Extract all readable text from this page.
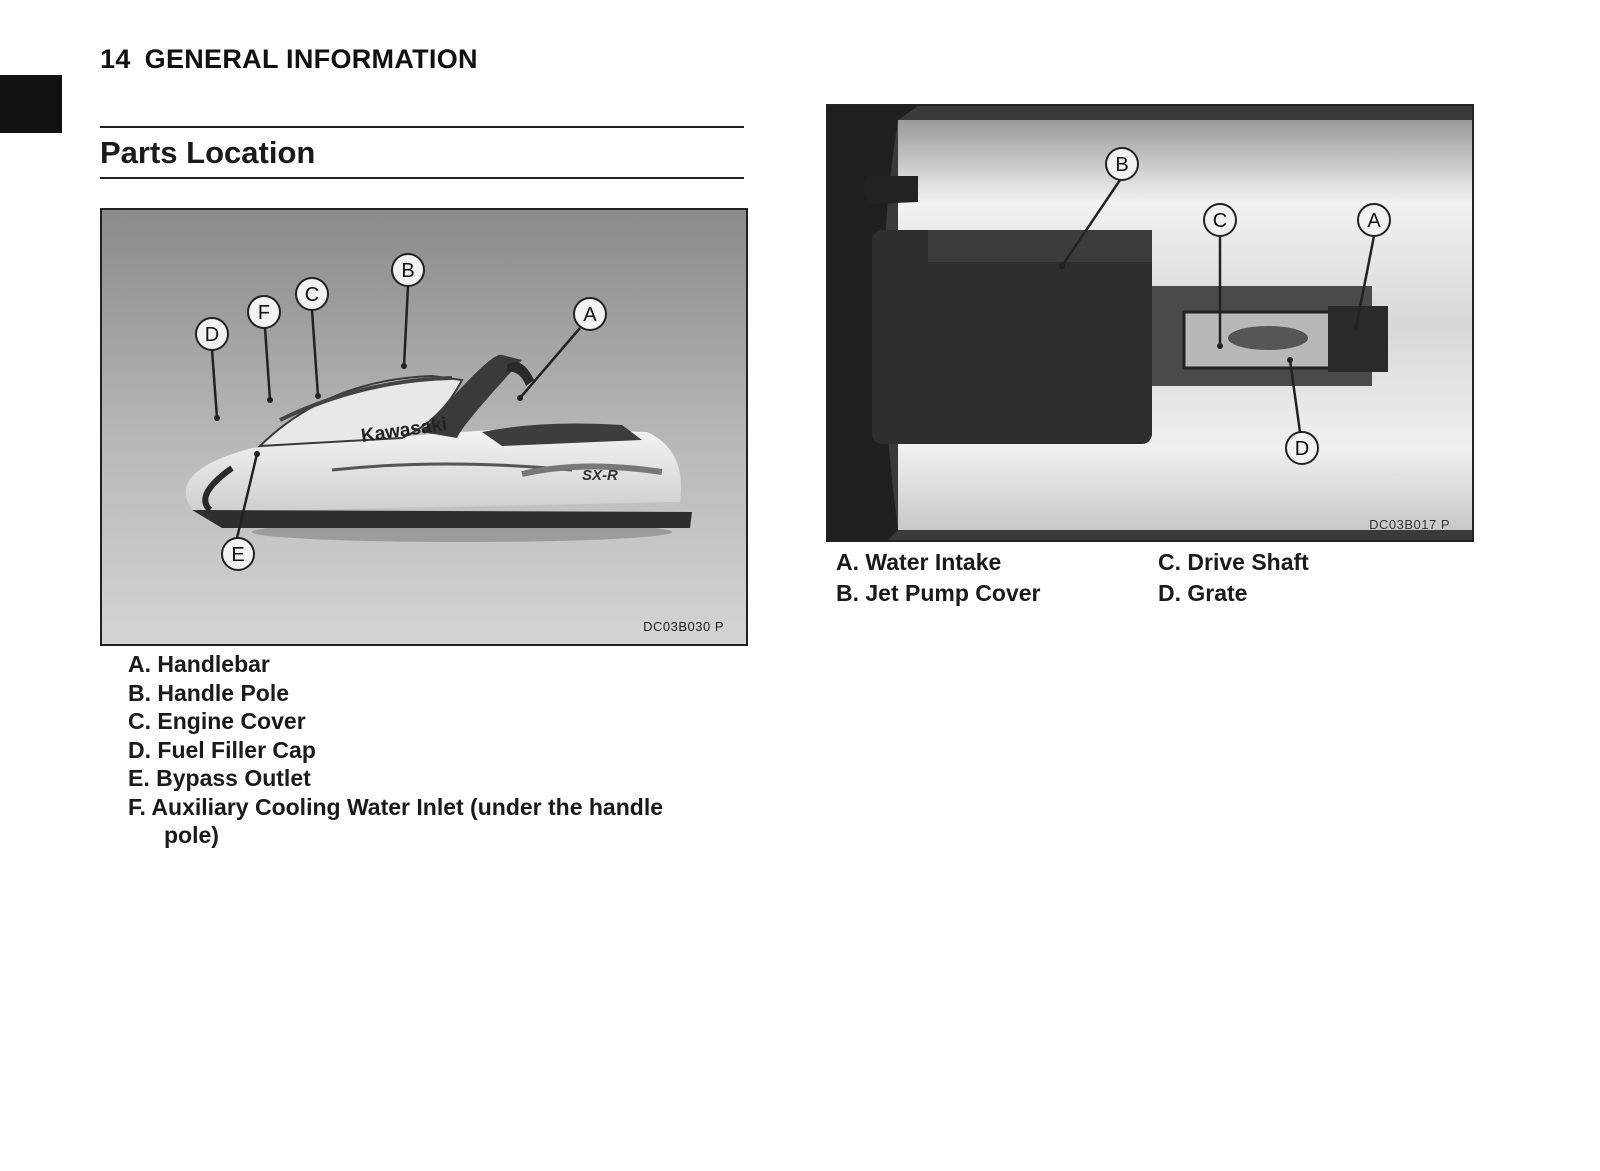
14 GENERAL INFORMATION
Parts Location
Kawasaki
SX-R
A
B
C
D
E
F
DC03B030 P
A. Handlebar
B. Handle Pole
C. Engine Cover
D. Fuel Filler Cap
E. Bypass Outlet
F. Auxiliary Cooling Water Inlet (under the handle
pole)
A
B
C
D
DC03B017 P
A. Water Intake	C. Drive Shaft
B. Jet Pump Cover	D. Grate
